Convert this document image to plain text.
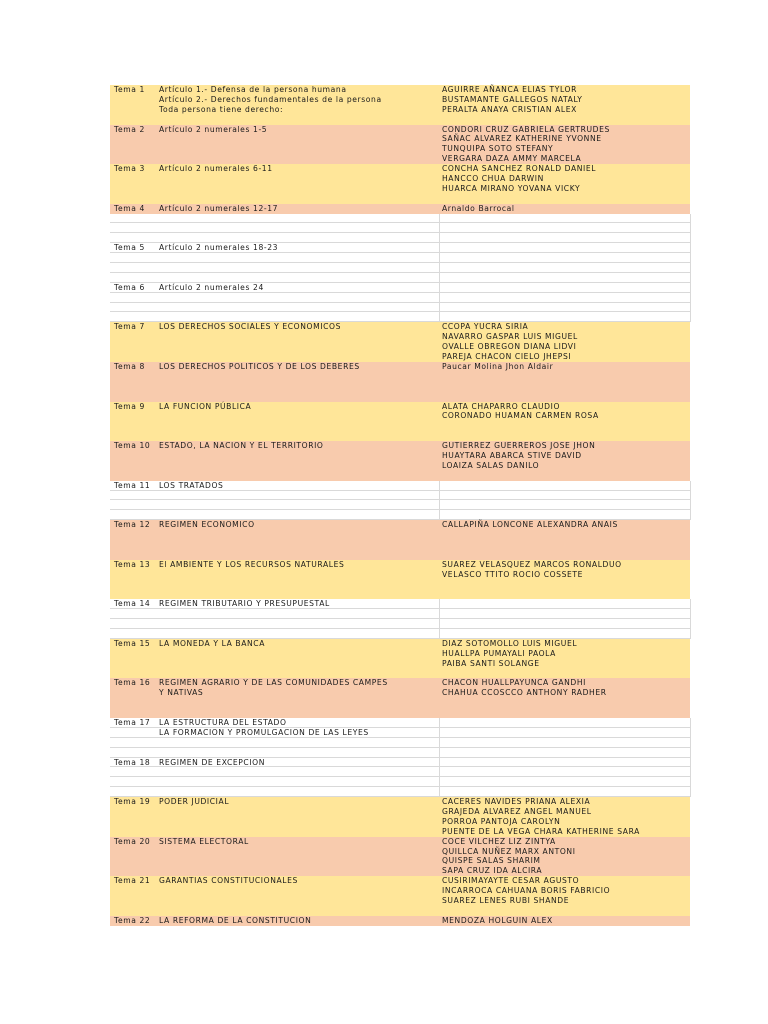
Tema 1	Artículo 1.- Defensa de la persona humana	AGUIRRE AÑANCA ELIAS TYLOR
Artículo 2.- Derechos fundamentales de la persona	BUSTAMANTE GALLEGOS NATALY
Toda persona tiene derecho:	PERALTA ANAYA CRISTIAN ALEX
Tema 2	Artículo 2 numerales 1-5	CONDORI CRUZ GABRIELA GERTRUDES
SAÑAC ALVAREZ KATHERINE YVONNE
TUNQUIPA SOTO STEFANY
VERGARA DAZA AMMY MARCELA
Tema 3	Artículo 2 numerales 6-11	CONCHA SANCHEZ RONALD DANIEL
HANCCO CHUA DARWIN
HUARCA MIRANO YOVANA VICKY
Tema 4	Artículo 2 numerales 12-17	Arnaldo Barrocal
Tema 5	Artículo 2 numerales 18-23
Tema 6	Artículo 2 numerales 24
Tema 7	LOS DERECHOS SOCIALES Y ECONOMICOS	CCOPA YUCRA SIRIA
NAVARRO GASPAR LUIS MIGUEL
OVALLE OBREGON DIANA LIDVI
PAREJA CHACON CIELO JHEPSI
Tema 8	LOS DERECHOS POLITICOS Y DE LOS DEBERES	Paucar Molina Jhon Aldair
Tema 9	LA FUNCION PÚBLICA	ALATA CHAPARRO CLAUDIO
CORONADO HUAMAN CARMEN ROSA
Tema 10	ESTADO, LA NACION Y EL TERRITORIO	GUTIERREZ GUERREROS JOSE JHON
HUAYTARA ABARCA STIVE DAVID
LOAIZA SALAS DANILO
Tema 11	LOS TRATADOS
Tema 12	REGIMEN ECONOMICO	CALLAPIÑA LONCONE ALEXANDRA ANAIS
Tema 13	El AMBIENTE Y LOS RECURSOS NATURALES	SUAREZ VELASQUEZ MARCOS RONALDUO
VELASCO TTITO ROCIO COSSETE
Tema 14	REGIMEN TRIBUTARIO Y PRESUPUESTAL
Tema 15	LA MONEDA Y LA BANCA	DIAZ SOTOMOLLO LUIS MIGUEL
HUALLPA PUMAYALI PAOLA
PAIBA SANTI SOLANGE
Tema 16	REGIMEN AGRARIO Y DE LAS COMUNIDADES CAMPES	CHACON HUALLPAYUNCA GANDHI
Y NATIVAS	CHAHUA CCOSCCO ANTHONY RADHER
Tema 17	LA ESTRUCTURA DEL ESTADO
LA FORMACION Y PROMULGACION DE LAS LEYES
Tema 18	REGIMEN DE EXCEPCION
Tema 19	PODER JUDICIAL	CACERES NAVIDES PRIANA ALEXIA
GRAJEDA ALVAREZ ANGEL MANUEL
PORROA PANTOJA CAROLYN
PUENTE DE LA VEGA CHARA KATHERINE SARA
Tema 20	SISTEMA ELECTORAL	COCE VILCHEZ LIZ ZINTYA
QUILLCA NUÑEZ MARX ANTONI
QUISPE SALAS SHARIM
SAPA CRUZ IDA ALCIRA
Tema 21	GARANTIAS CONSTITUCIONALES	CUSIRIMAYAYTE CESAR AGUSTO
INCARROCA CAHUANA BORIS FABRICIO
SUAREZ LENES RUBI SHANDE
Tema 22	LA REFORMA DE LA CONSTITUCION	MENDOZA HOLGUIN ALEX
